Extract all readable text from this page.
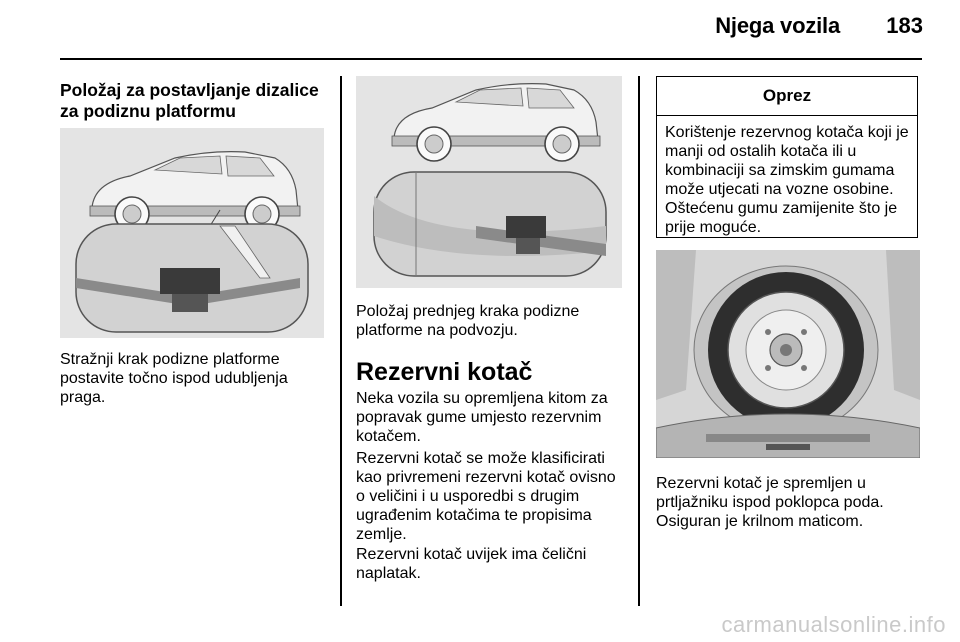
Njega vozila 183
Položaj za postavljanje dizalice za podiznu platformu

Stražnji krak podizne platforme postavite točno ispod udubljenja praga.

Položaj prednjeg kraka podizne platforme na podvozju.

Rezervni kotač

Neka vozila su opremljena kitom za popravak gume umjesto rezervnim kotačem.

Rezervni kotač se može klasificirati kao privremeni rezervni kotač ovisno o veličini i u usporedbi s drugim ugrađenim kotačima te propisima zemlje.

Rezervni kotač uvijek ima čelični naplatak.

Oprez
Korištenje rezervnog kotača koji je manji od ostalih kotača ili u kombinaciji sa zimskim gumama može utjecati na vozne osobine. Oštećenu gumu zamijenite što je prije moguće.

Rezervni kotač je spremljen u prtljažniku ispod poklopca poda. Osiguran je krilnom maticom.

carmanualsonline.info
